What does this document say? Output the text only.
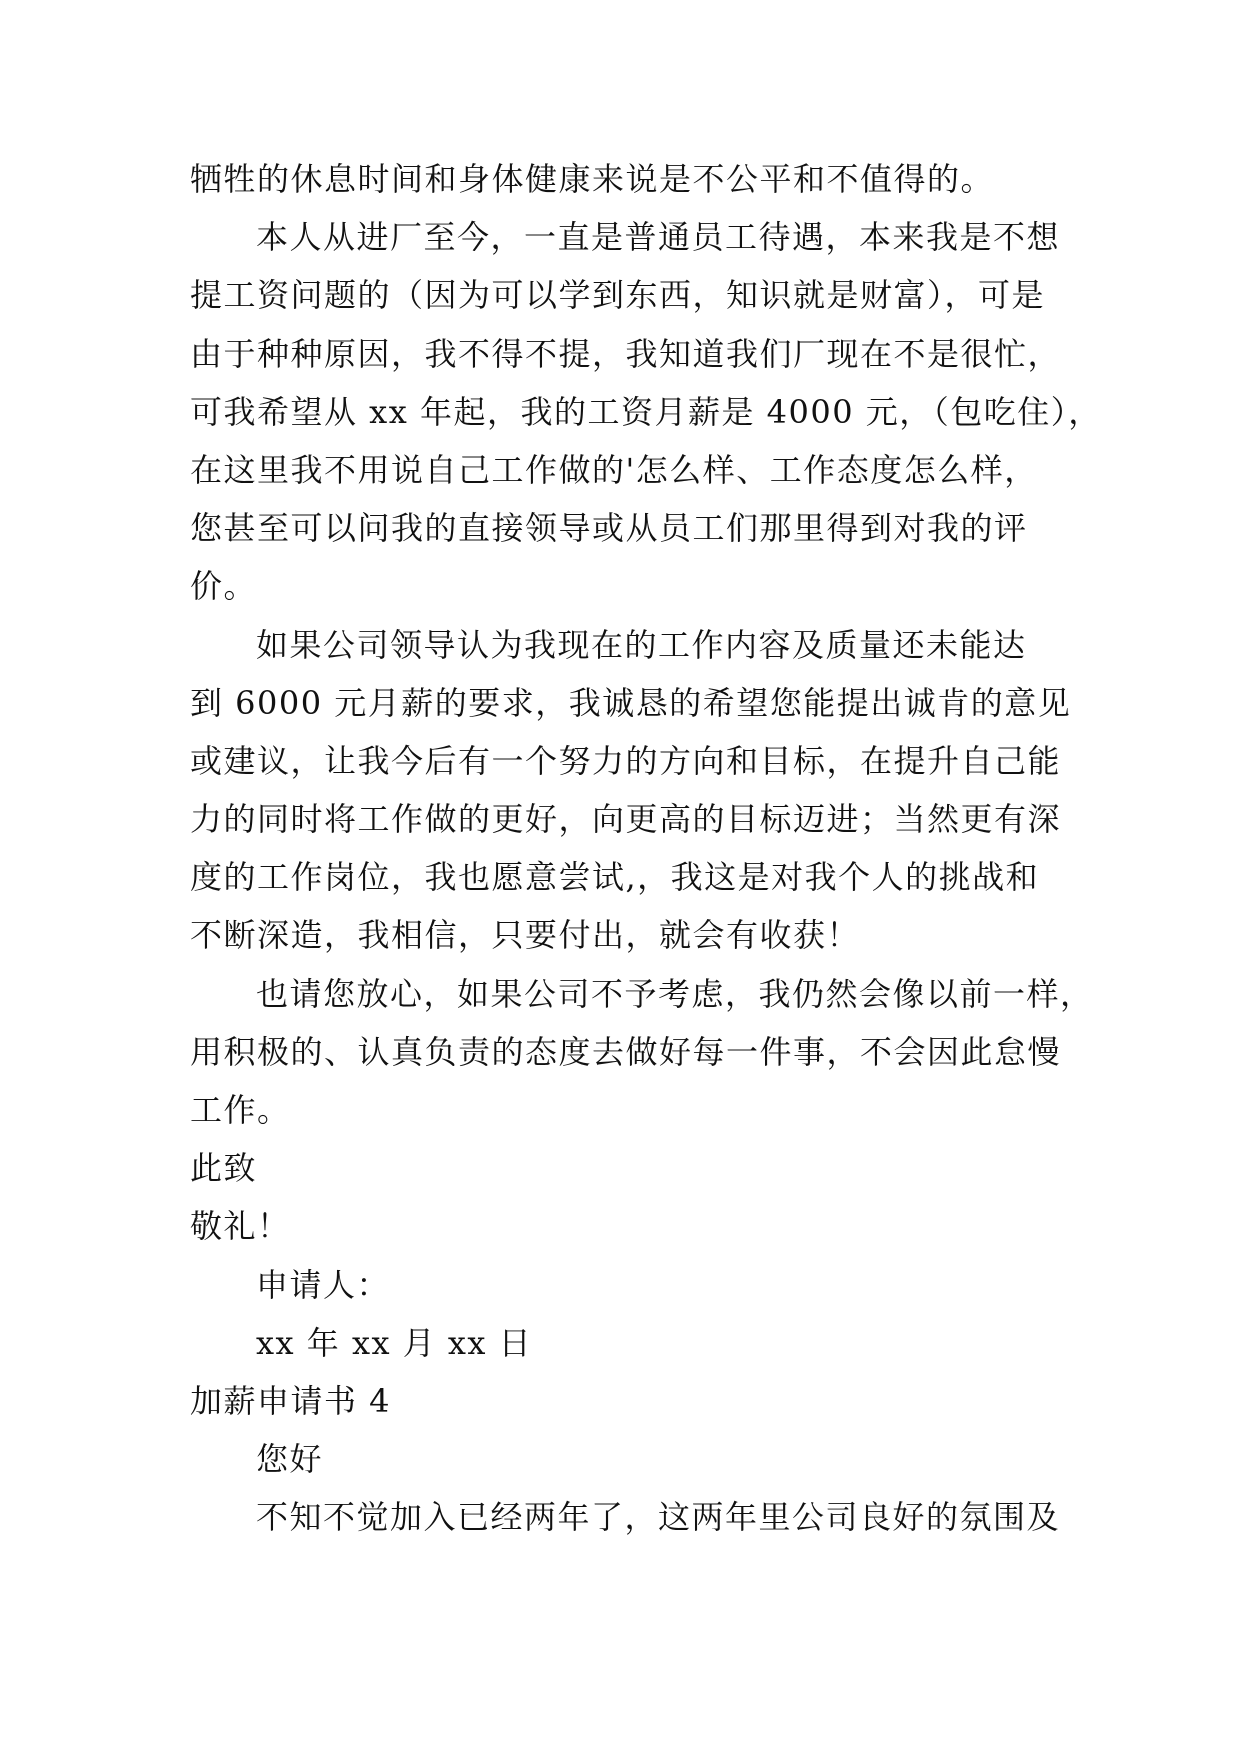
牺牲的休息时间和身体健康来说是不公平和不值得的。
本人从进厂至今，一直是普通员工待遇，本来我是不想
提工资问题的（因为可以学到东西，知识就是财富），可是
由于种种原因，我不得不提，我知道我们厂现在不是很忙，
可我希望从 xx 年起，我的工资月薪是 4000 元，（包吃住），
在这里我不用说自己工作做的'怎么样、工作态度怎么样，
您甚至可以问我的直接领导或从员工们那里得到对我的评
价。
如果公司领导认为我现在的工作内容及质量还未能达
到 6000 元月薪的要求，我诚恳的希望您能提出诚肯的意见
或建议，让我今后有一个努力的方向和目标，在提升自己能
力的同时将工作做的更好，向更高的目标迈进；当然更有深
度的工作岗位，我也愿意尝试,，我这是对我个人的挑战和
不断深造，我相信，只要付出，就会有收获！
也请您放心，如果公司不予考虑，我仍然会像以前一样，
用积极的、认真负责的态度去做好每一件事，不会因此怠慢
工作。
此致
敬礼！
申请人：
xx 年 xx 月 xx 日
加薪申请书 4
您好
不知不觉加入已经两年了，这两年里公司良好的氛围及
